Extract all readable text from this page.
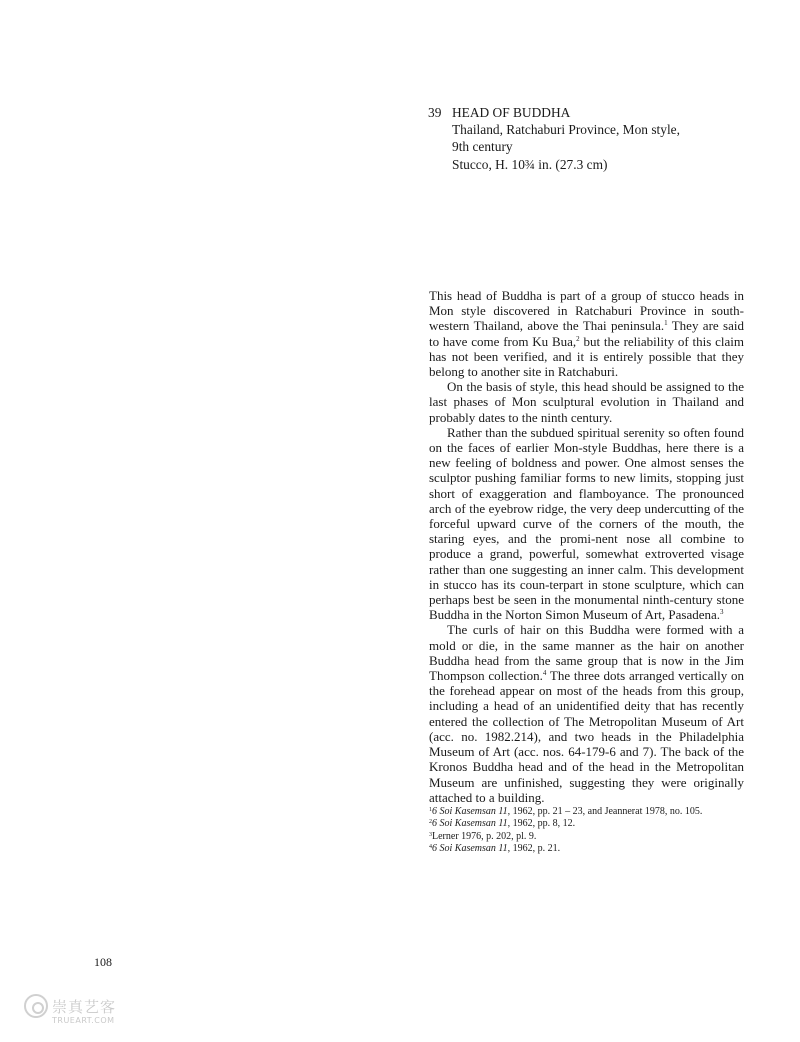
39 HEAD OF BUDDHA
Thailand, Ratchaburi Province, Mon style,
9th century
Stucco, H. 10¾ in. (27.3 cm)

This head of Buddha is part of a group of stucco heads in Mon style discovered in Ratchaburi Province in south-western Thailand, above the Thai peninsula.$^1$ They are said to have come from Ku Bua,$^2$ but the reliability of this claim has not been verified, and it is entirely possible that they belong to another site in Ratchaburi.

On the basis of style, this head should be assigned to the last phases of Mon sculptural evolution in Thailand and probably dates to the ninth century.

Rather than the subdued spiritual serenity so often found on the faces of earlier Mon-style Buddhas, here there is a new feeling of boldness and power. One almost senses the sculptor pushing familiar forms to new limits, stopping just short of exaggeration and flamboyance. The pronounced arch of the eyebrow ridge, the very deep undercutting of the forceful upward curve of the corners of the mouth, the staring eyes, and the promi-nent nose all combine to produce a grand, powerful, somewhat extroverted visage rather than one suggesting an inner calm. This development in stucco has its coun-terpart in stone sculpture, which can perhaps best be seen in the monumental ninth-century stone Buddha in the Norton Simon Museum of Art, Pasadena.$^3$

The curls of hair on this Buddha were formed with a mold or die, in the same manner as the hair on another Buddha head from the same group that is now in the Jim Thompson collection.$^4$ The three dots arranged vertically on the forehead appear on most of the heads from this group, including a head of an unidentified deity that has recently entered the collection of The Metropolitan Museum of Art (acc. no. 1982.214), and two heads in the Philadelphia Museum of Art (acc. nos. 64-179-6 and 7). The back of the Kronos Buddha head and of the head in the Metropolitan Museum are unfinished, suggesting they were originally attached to a building.

$^1$6 Soi Kasemsan 11, 1962, pp. 21 – 23, and Jeannerat 1978, no. 105.
$^2$6 Soi Kasemsan 11, 1962, pp. 8, 12.
$^3$Lerner 1976, p. 202, pl. 9.
$^4$6 Soi Kasemsan 11, 1962, p. 21.
108
崇真艺客
TRUEART.COM
